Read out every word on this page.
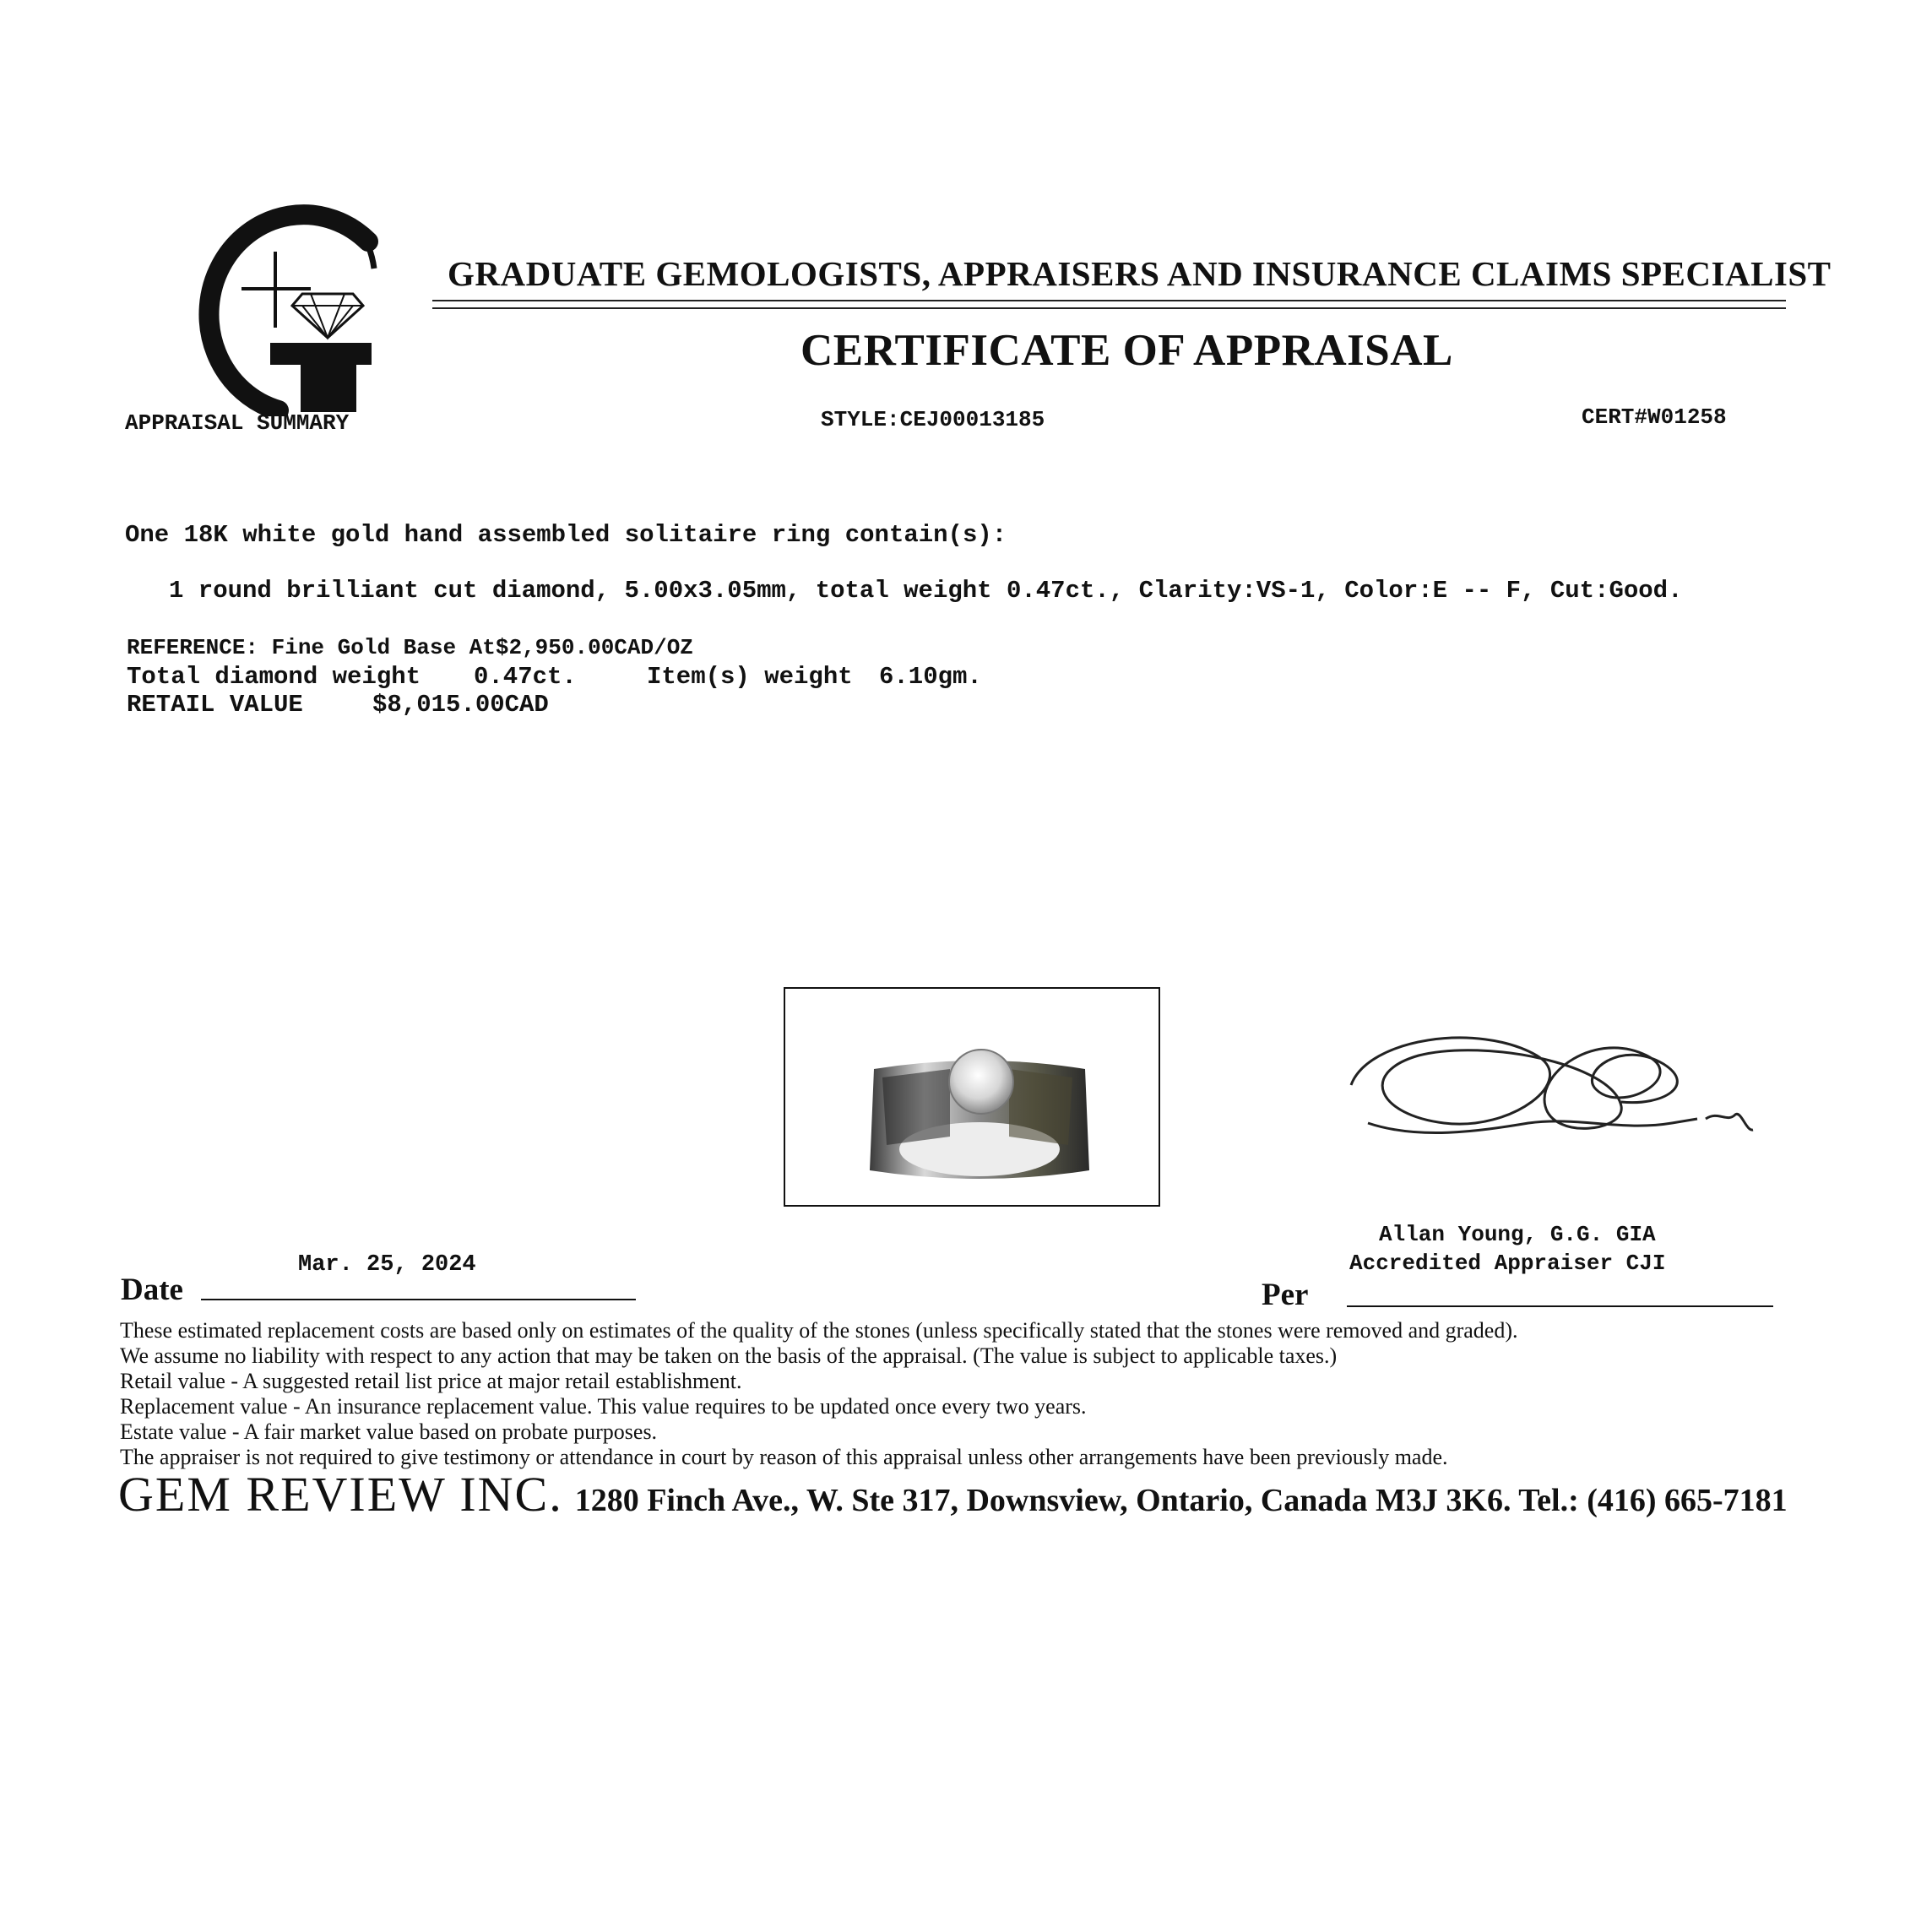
GRADUATE GEMOLOGISTS, APPRAISERS AND INSURANCE CLAIMS SPECIALIST
CERTIFICATE OF APPRAISAL
APPRAISAL SUMMARY	STYLE:CEJ00013185	CERT#W01258
One 18K white gold hand assembled solitaire ring contain(s):
1 round brilliant cut diamond, 5.00x3.05mm, total weight 0.47ct., Clarity:VS-1, Color:E -- F, Cut:Good.
REFERENCE: Fine Gold Base At$2,950.00CAD/OZ
Total diamond weight 0.47ct.	Item(s) weight 6.10gm.
RETAIL VALUE	$8,015.00CAD
Allan Young, G.G. GIA
Accredited Appraiser CJI
Mar. 25, 2024
Date	Per
These estimated replacement costs are based only on estimates of the quality of the stones (unless specifically stated that the stones were removed and graded).
We assume no liability with respect to any action that may be taken on the basis of the appraisal. (The value is subject to applicable taxes.)
Retail value - A suggested retail list price at major retail establishment.
Replacement value - An insurance replacement value. This value requires to be updated once every two years.
Estate value - A fair market value based on probate purposes.
The appraiser is not required to give testimony or attendance in court by reason of this appraisal unless other arrangements have been previously made.
GEM REVIEW INC. 1280 Finch Ave., W. Ste 317, Downsview, Ontario, Canada M3J 3K6. Tel.: (416) 665-7181
